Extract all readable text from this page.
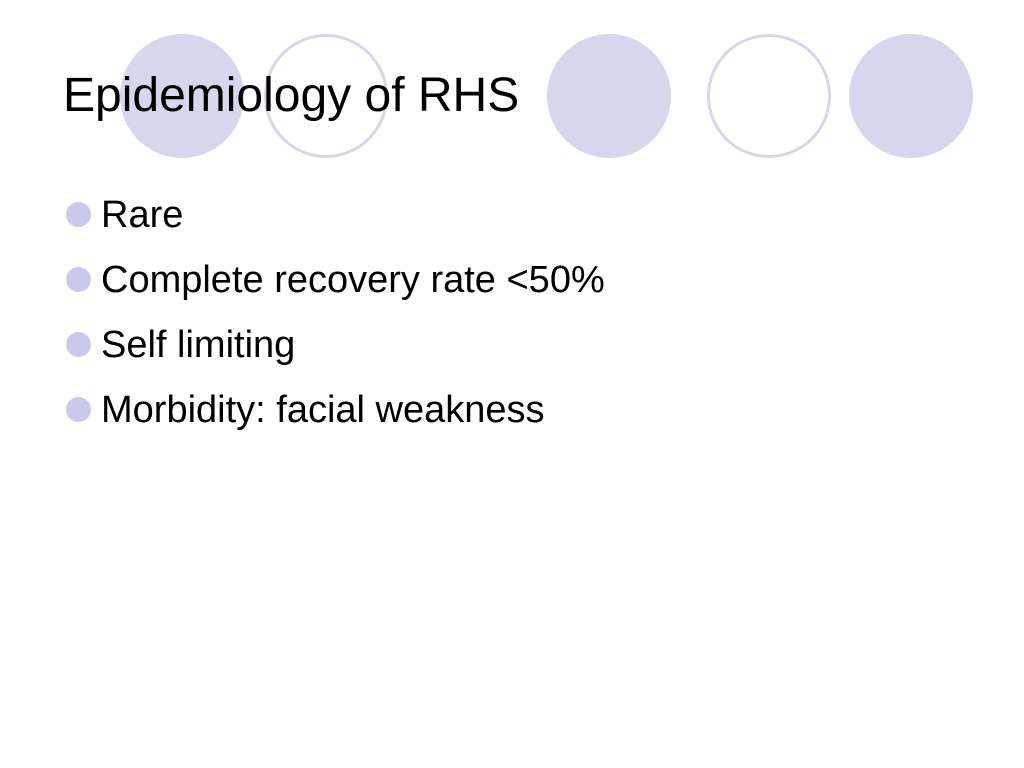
Epidemiology of RHS
Rare
Complete recovery rate <50%
Self limiting
Morbidity: facial weakness
